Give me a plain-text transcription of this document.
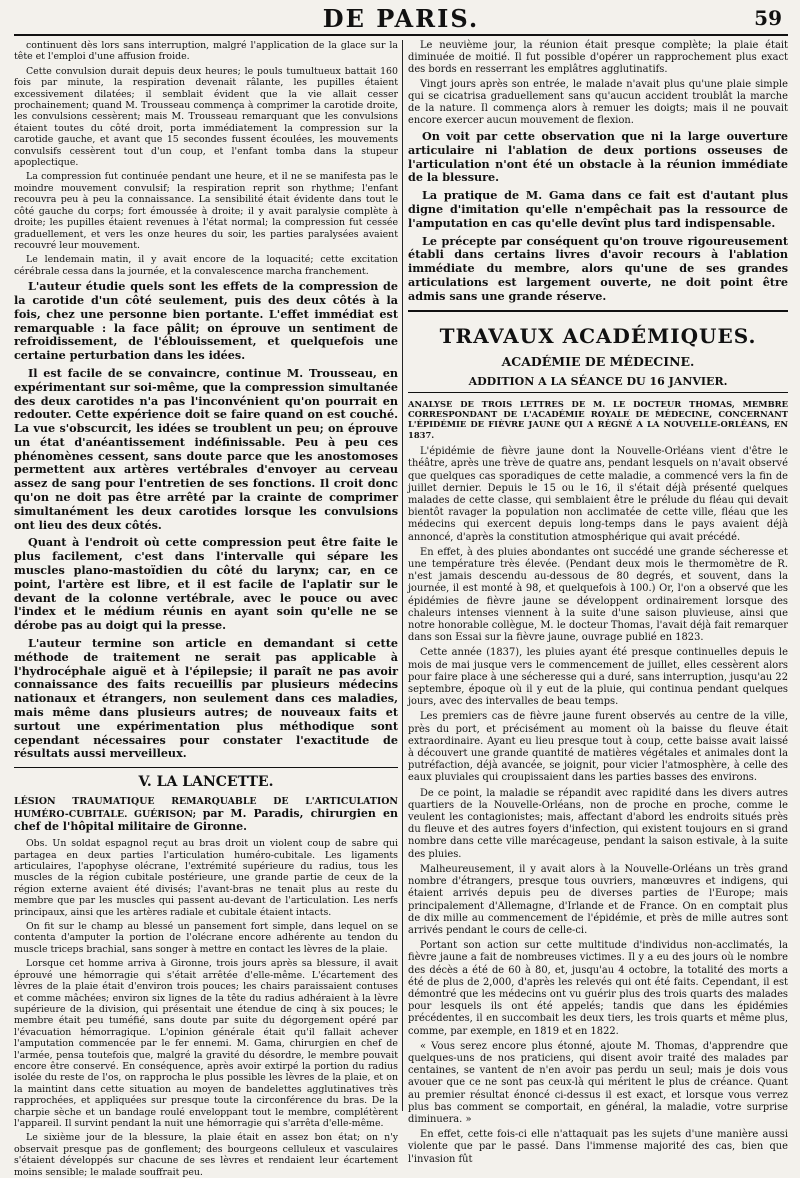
DE PARIS.	59

continuent dès lors sans interruption, malgré l'application de la glace sur la tête et l'emploi d'une affusion froide.

Cette convulsion durait depuis deux heures; le pouls tumultueux battait 160 fois par minute, la respiration devenait râlante, les pupilles étaient excessivement dilatées; il semblait évident que la vie allait cesser prochainement; quand M. Trousseau commença à comprimer la carotide droite, les convulsions cessèrent; mais M. Trousseau remarquant que les convulsions étaient toutes du côté droit, porta immédiatement la compression sur la carotide gauche, et avant que 15 secondes fussent écoulées, les mouvements convulsifs cessèrent tout d'un coup, et l'enfant tomba dans la stupeur apoplectique.

La compression fut continuée pendant une heure, et il ne se manifesta pas le moindre mouvement convulsif; la respiration reprit son rhythme; l'enfant recouvra peu à peu la connaissance. La sensibilité était évidente dans tout le côté gauche du corps; fort émoussée à droite; il y avait paralysie complète à droite; les pupilles étaient revenues à l'état normal; la compression fut cessée graduellement, et vers les onze heures du soir, les parties paralysées avaient recouvré leur mouvement.

Le lendemain matin, il y avait encore de la loquacité; cette excitation cérébrale cessa dans la journée, et la convalescence marcha franchement.

L'auteur étudie quels sont les effets de la compression de la carotide d'un côté seulement, puis des deux côtés à la fois, chez une personne bien portante. L'effet immédiat est remarquable : la face pâlit; on éprouve un sentiment de refroidissement, de l'éblouissement, et quelquefois une certaine perturbation dans les idées.

Il est facile de se convaincre, continue M. Trousseau, en expérimentant sur soi-même, que la compression simultanée des deux carotides n'a pas l'inconvénient qu'on pourrait en redouter. Cette expérience doit se faire quand on est couché. La vue s'obscurcit, les idées se troublent un peu; on éprouve un état d'anéantissement indéfinissable. Peu à peu ces phénomènes cessent, sans doute parce que les anostomoses permettent aux artères vertébrales d'envoyer au cerveau assez de sang pour l'entretien de ses fonctions. Il croit donc qu'on ne doit pas être arrêté par la crainte de comprimer simultanément les deux carotides lorsque les convulsions ont lieu des deux côtés.

Quant à l'endroit où cette compression peut être faite le plus facilement, c'est dans l'intervalle qui sépare les muscles plano-mastoïdien du côté du larynx; car, en ce point, l'artère est libre, et il est facile de l'aplatir sur le devant de la colonne vertébrale, avec le pouce ou avec l'index et le médium réunis en ayant soin qu'elle ne se dérobe pas au doigt qui la presse.

L'auteur termine son article en demandant si cette méthode de traitement ne serait pas applicable à l'hydrocéphale aiguë et à l'épilepsie; il paraît ne pas avoir connaissance des faits recueillis par plusieurs médecins nationaux et étrangers, non seulement dans ces maladies, mais même dans plusieurs autres; de nouveaux faits et surtout une expérimentation plus méthodique sont cependant nécessaires pour constater l'exactitude de résultats aussi merveilleux.

V. LA LANCETTE.

LÉSION TRAUMATIQUE REMARQUABLE DE L'ARTICULATION HUMÉRO-CUBITALE. GUÉRISON; par M. Paradis, chirurgien en chef de l'hôpital militaire de Gironne.

Obs. Un soldat espagnol reçut au bras droit un violent coup de sabre qui partagea en deux parties l'articulation huméro-cubitale. Les ligaments articulaires, l'apophyse olécrane, l'extrémité supérieure du radius, tous les muscles de la région cubitale postérieure, une grande partie de ceux de la région externe avaient été divisés; l'avant-bras ne tenait plus au reste du membre que par les muscles qui passent au-devant de l'articulation. Les nerfs principaux, ainsi que les artères radiale et cubitale étaient intacts.

On fit sur le champ au blessé un pansement fort simple, dans lequel on se contenta d'amputer la portion de l'olécrane encore adhérente au tendon du muscle triceps brachial, sans songer à mettre en contact les lèvres de la plaie.

Lorsque cet homme arriva à Gironne, trois jours après sa blessure, il avait éprouvé une hémorragie qui s'était arrêtée d'elle-même. L'écartement des lèvres de la plaie était d'environ trois pouces; les chairs paraissaient contuses et comme mâchées; environ six lignes de la tête du radius adhéraient à la lèvre supérieure de la division, qui présentait une étendue de cinq à six pouces; le membre était peu tuméfié, sans doute par suite du dégorgement opéré par l'évacuation hémorragique. L'opinion générale était qu'il fallait achever l'amputation commencée par le fer ennemi. M. Gama, chirurgien en chef de l'armée, pensa toutefois que, malgré la gravité du désordre, le membre pouvait encore être conservé. En conséquence, après avoir extirpé la portion du radius isolée du reste de l'os, on rapprocha le plus possible les lèvres de la plaie, et on la maintint dans cette situation au moyen de bandelettes agglutinatives très rapprochées, et appliquées sur presque toute la circonférence du bras. De la charpie sèche et un bandage roulé enveloppant tout le membre, complétèrent l'appareil. Il survint pendant la nuit une hémorragie qui s'arrêta d'elle-même.

Le sixième jour de la blessure, la plaie était en assez bon état; on n'y observait presque pas de gonflement; des bourgeons celluleux et vasculaires s'étaient développés sur chacune de ses lèvres et rendaient leur écartement moins sensible; le malade souffrait peu.

Le neuvième jour, la réunion était presque complète; la plaie était diminuée de moitié. Il fut possible d'opérer un rapprochement plus exact des bords en resserrant les emplâtres agglutinatifs.

Vingt jours après son entrée, le malade n'avait plus qu'une plaie simple qui se cicatrisa graduellement sans qu'aucun accident troublât la marche de la nature. Il commença alors à remuer les doigts; mais il ne pouvait encore exercer aucun mouvement de flexion.

On voit par cette observation que ni la large ouverture articulaire ni l'ablation de deux portions osseuses de l'articulation n'ont été un obstacle à la réunion immédiate de la blessure.

La pratique de M. Gama dans ce fait est d'autant plus digne d'imitation qu'elle n'empêchait pas la ressource de l'amputation en cas qu'elle devînt plus tard indispensable.

Le précepte par conséquent qu'on trouve rigoureusement établi dans certains livres d'avoir recours à l'ablation immédiate du membre, alors qu'une de ses grandes articulations est largement ouverte, ne doit point être admis sans une grande réserve.

TRAVAUX ACADÉMIQUES.
ACADÉMIE DE MÉDECINE.
ADDITION A LA SÉANCE DU 16 JANVIER.

ANALYSE DE TROIS LETTRES DE M. LE DOCTEUR THOMAS, MEMBRE CORRESPONDANT DE L'ACADÉMIE ROYALE DE MÉDECINE, CONCERNANT L'ÉPIDÉMIE DE FIÈVRE JAUNE QUI A RÉGNÉ A LA NOUVELLE-ORLÉANS, EN 1837.

L'épidémie de fièvre jaune dont la Nouvelle-Orléans vient d'être le théâtre, après une trève de quatre ans, pendant lesquels on n'avait observé que quelques cas sporadiques de cette maladie, a commencé vers la fin de juillet dernier. Depuis le 15 ou le 16, il s'était déjà présenté quelques malades de cette classe, qui semblaient être le prélude du fléau qui devait bientôt ravager la population non acclimatée de cette ville, fléau que les médecins qui exercent depuis long-temps dans le pays avaient déjà annoncé, d'après la constitution atmosphérique qui avait précédé.

En effet, à des pluies abondantes ont succédé une grande sécheresse et une température très élevée. (Pendant deux mois le thermomètre de R. n'est jamais descendu au-dessous de 80 degrés, et souvent, dans la journée, il est monté à 98, et quelquefois à 100.) Or, l'on a observé que les épidémies de fièvre jaune se développent ordinairement lorsque des chaleurs intenses viennent à la suite d'une saison pluvieuse, ainsi que notre honorable collègue, M. le docteur Thomas, l'avait déjà fait remarquer dans son Essai sur la fièvre jaune, ouvrage publié en 1823.

Cette année (1837), les pluies ayant été presque continuelles depuis le mois de mai jusque vers le commencement de juillet, elles cessèrent alors pour faire place à une sécheresse qui a duré, sans interruption, jusqu'au 22 septembre, époque où il y eut de la pluie, qui continua pendant quelques jours, avec des intervalles de beau temps.

Les premiers cas de fièvre jaune furent observés au centre de la ville, près du port, et précisément au moment où la baisse du fleuve était extraordinaire. Ayant eu lieu presque tout à coup, cette baisse avait laissé à découvert une grande quantité de matières végétales et animales dont la putréfaction, déjà avancée, se joignit, pour vicier l'atmosphère, à celle des eaux pluviales qui croupissaient dans les parties basses des environs.

De ce point, la maladie se répandit avec rapidité dans les divers autres quartiers de la Nouvelle-Orléans, non de proche en proche, comme le veulent les contagionistes; mais, affectant d'abord les endroits situés près du fleuve et des autres foyers d'infection, qui existent toujours en si grand nombre dans cette ville marécageuse, pendant la saison estivale, à la suite des pluies.

Malheureusement, il y avait alors à la Nouvelle-Orléans un très grand nombre d'étrangers, presque tous ouvriers, manœuvres et indigens, qui étaient arrivés depuis peu de diverses parties de l'Europe; mais principalement d'Allemagne, d'Irlande et de France. On en comptait plus de dix mille au commencement de l'épidémie, et près de mille autres sont arrivés pendant le cours de celle-ci.

Portant son action sur cette multitude d'individus non-acclimatés, la fièvre jaune a fait de nombreuses victimes. Il y a eu des jours où le nombre des décès a été de 60 à 80, et, jusqu'au 4 octobre, la totalité des morts a été de plus de 2,000, d'après les relevés qui ont été faits. Cependant, il est démontré que les médecins ont vu guérir plus des trois quarts des malades pour lesquels ils ont été appelés; tandis que dans les épidémies précédentes, il en succombait les deux tiers, les trois quarts et même plus, comme, par exemple, en 1819 et en 1822.

« Vous serez encore plus étonné, ajoute M. Thomas, d'apprendre que quelques-uns de nos praticiens, qui disent avoir traité des malades par centaines, se vantent de n'en avoir pas perdu un seul; mais je dois vous avouer que ce ne sont pas ceux-là qui méritent le plus de créance. Quant au premier résultat énoncé ci-dessus il est exact, et lorsque vous verrez plus bas comment se comportait, en général, la maladie, votre surprise diminuera. »

En effet, cette fois-ci elle n'attaquait pas les sujets d'une manière aussi violente que par le passé. Dans l'immense majorité des cas, bien que l'invasion fût
